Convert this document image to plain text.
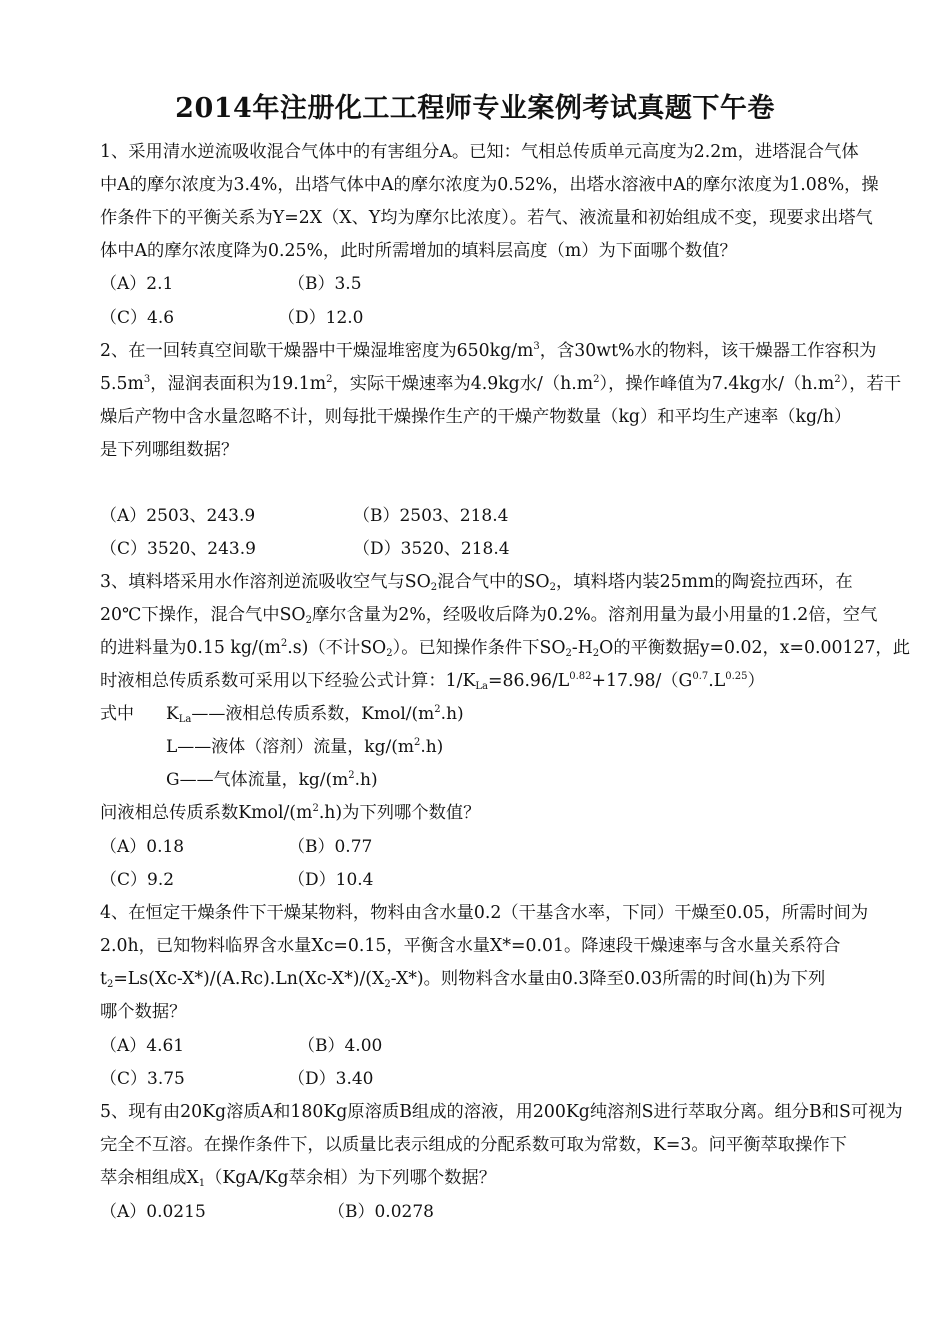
2014年注册化工工程师专业案例考试真题下午卷
1、采用清水逆流吸收混合气体中的有害组分A。已知：气相总传质单元高度为2.2m，进塔混合气体
中A的摩尔浓度为3.4%，出塔气体中A的摩尔浓度为0.52%，出塔水溶液中A的摩尔浓度为1.08%，操
作条件下的平衡关系为Y=2X（X、Y均为摩尔比浓度）。若气、液流量和初始组成不变，现要求出塔气
体中A的摩尔浓度降为0.25%，此时所需增加的填料层高度（m）为下面哪个数值？
（A）2.1	（B）3.5
（C）4.6	（D）12.0
2、在一回转真空间歇干燥器中干燥湿堆密度为$650kg/m^3$，含30wt%水的物料，该干燥器工作容积为
$5.5m^3$，湿润表面积为$19.1m^2$，实际干燥速率为4.9kg水$/(h.m^2)$，操作峰值为7.4kg水$/(h.m^2)$，若干
燥后产物中含水量忽略不计，则每批干燥操作生产的干燥产物数量（kg）和平均生产速率（kg/h）
是下列哪组数据？
（A）2503、243.9	（B）2503、218.4
（C）3520、243.9	（D）3520、218.4
3、填料塔采用水作溶剂逆流吸收空气与$SO_2$混合气中的$SO_2$，填料塔内装25mm的陶瓷拉西环，在
20℃下操作，混合气中$SO_2$摩尔含量为2%，经吸收后降为0.2%。溶剂用量为最小用量的1.2倍，空气
的进料量为0.15 $kg/(m^2.s)$（不计$SO_2$）。已知操作条件下$SO_2-H_2O$的平衡数据y=0.02，x=0.00127，此
时液相总传质系数可采用以下经验公式计算：$1/K_{La}=86.96/L^{0.82}+17.98/(G^{0.7}.L^{0.25})$
式中 $K_{La}——$液相总传质系数，Kmol/$(m^2.h)$
L——液体（溶剂）流量，$kg/(m^2.h)$
G——气体流量，$kg/(m^2.h)$
问液相总传质系数Kmol/$(m^2.h)$为下列哪个数值？
（A）0.18	（B）0.77
（C）9.2	（D）10.4
4、在恒定干燥条件下干燥某物料，物料由含水量0.2（干基含水率，下同）干燥至0.05，所需时间为
2.0h，已知物料临界含水量Xc=0.15，平衡含水量X*=0.01。降速段干燥速率与含水量关系符合
$t_2=Ls(Xc-X*)/(A.Rc).Ln(Xc-X*)/(X_2-X*)$。则物料含水量由0.3降至0.03所需的时间(h)为下列
哪个数据？
（A）4.61	（B）4.00
（C）3.75	（D）3.40
5、现有由20Kg溶质A和180Kg原溶质B组成的溶液，用200Kg纯溶剂S进行萃取分离。组分B和S可视为
完全不互溶。在操作条件下，以质量比表示组成的分配系数可取为常数，K=3。问平衡萃取操作下
萃余相组成$X_1(KgA/Kg$萃余相）为下列哪个数据？
（A）0.0215	（B）0.0278
